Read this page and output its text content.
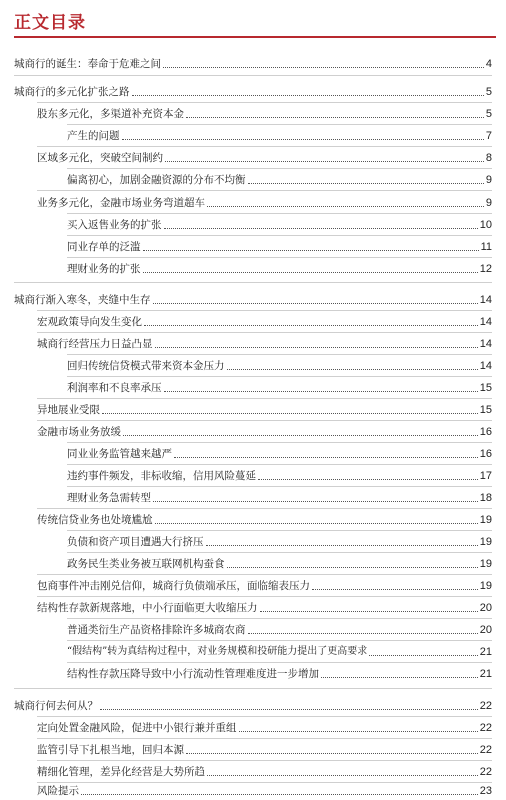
正文目录
城商行的诞生：奉命于危难之间	4
城商行的多元化扩张之路	5
股东多元化，多渠道补充资本金	5
产生的问题	7
区域多元化，突破空间制约	8
偏离初心，加剧金融资源的分布不均衡	9
业务多元化，金融市场业务弯道超车	9
买入返售业务的扩张	10
同业存单的泛滥	11
理财业务的扩张	12
城商行渐入寒冬，夹缝中生存	14
宏观政策导向发生变化	14
城商行经营压力日益凸显	14
回归传统信贷模式带来资本金压力	14
利润率和不良率承压	15
异地展业受限	15
金融市场业务放缓	16
同业业务监管越来越严	16
违约事件频发，非标收缩，信用风险蔓延	17
理财业务急需转型	18
传统信贷业务也处境尴尬	19
负债和资产项目遭遇大行挤压	19
政务民生类业务被互联网机构蚕食	19
包商事件冲击刚兑信仰，城商行负债端承压，面临缩表压力	19
结构性存款新规落地，中小行面临更大收缩压力	20
普通类衍生产品资格排除许多城商农商	20
“假结构”转为真结构过程中，对业务规模和投研能力提出了更高要求	21
结构性存款压降导致中小行流动性管理难度进一步增加	21
城商行何去何从？	22
定向处置金融风险，促进中小银行兼并重组	22
监管引导下扎根当地，回归本源	22
精细化管理，差异化经营是大势所趋	22
风险提示	23
